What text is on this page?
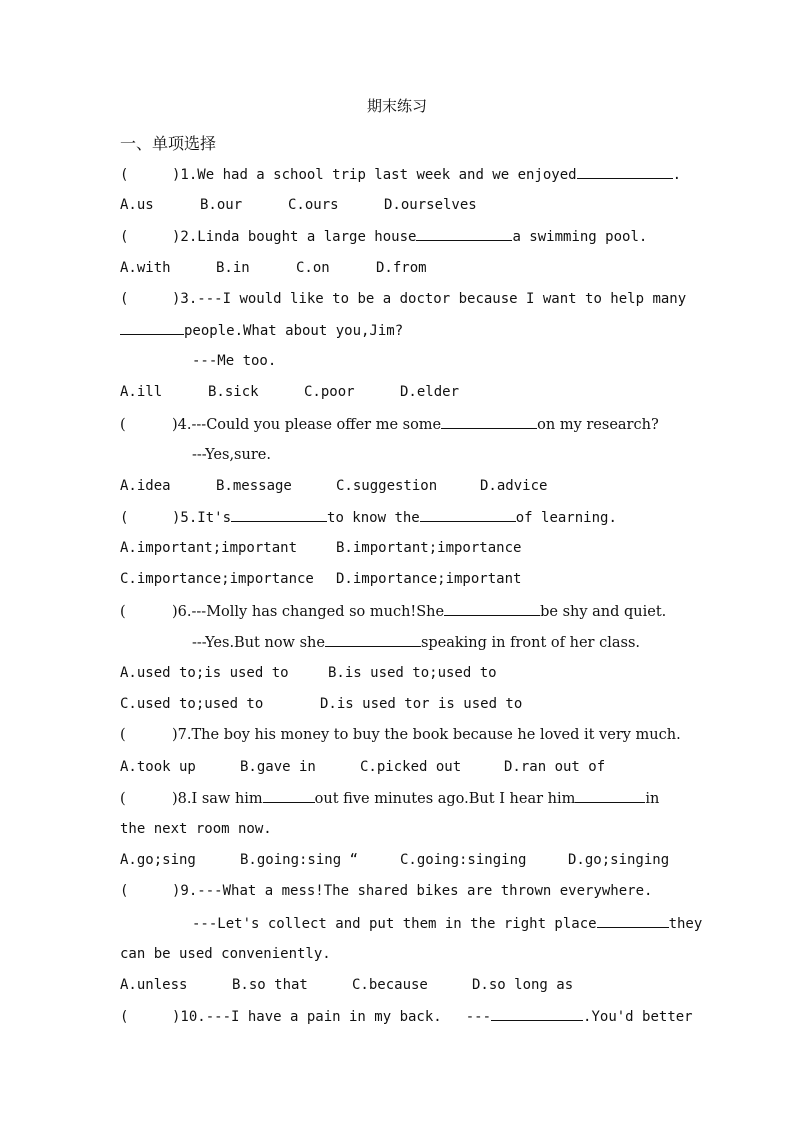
期末练习
一、单项选择
(	)1.We had a school trip last week and we enjoyed	.
A.us	B.our	C.ours	D.ourselves
(	)2.Linda bought a large house	a swimming pool.
A.with	B.in	C.on	D.from
(	)3.---I would like to be a doctor because I want to help many
people.What about you,Jim?
---Me too.
A.ill	B.sick	C.poor	D.elder
(	)4.---Could you please offer me some	on my research?
---Yes,sure.
A.idea	B.message	C.suggestion	D.advice
(	)5.It's	to know the	of learning.
A.important;important	B.important;importance
C.importance;importance D.importance;important
(	)6.---Molly has changed so much!She	be shy and quiet.
---Yes.But now she	speaking in front of her class.
A.used to;is used to	B.is used to;used to
C.used to;used to	D.is used tor is used to
(	)7.The boy his money to buy the book because he loved it very much.
A.took up	B.gave in	C.picked out	D.ran out of
(	)8.I saw him	out five minutes ago.But I hear him	in
the next room now.
A.go;sing	B.going:sing “	C.going:singing	D.go;singing
(	)9.---What a mess!The shared bikes are thrown everywhere.
---Let's collect and put them in the right place	they
can be used conveniently.
A.unless	B.so that	C.because	D.so long as
(	)10.---I have a pain in my back. ---	.You'd better
